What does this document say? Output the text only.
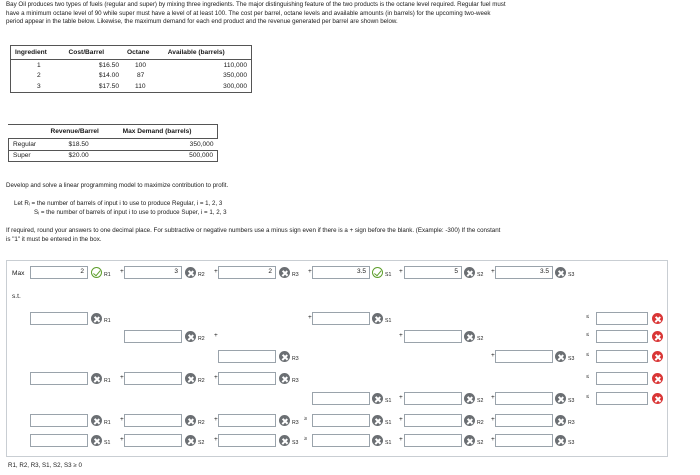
Bay Oil produces two types of fuels (regular and super) by mixing three ingredients. The major distinguishing feature of the two products is the octane level required. Regular fuel must
have a minimum octane level of 90 while super must have a level of at least 100. The cost per barrel, octane levels and available amounts (in barrels) for the upcoming two-week
period appear in the table below. Likewise, the maximum demand for each end product and the revenue generated per barrel are shown below.
Ingredient	Cost/Barrel	Octane	Available (barrels)
1	$16.50	100	110,000
2	$14.00	87	350,000
3	$17.50	110	300,000
	Revenue/Barrel	Max Demand (barrels)
Regular	$18.50	350,000
Super	$20.00	500,000
Develop and solve a linear programming model to maximize contribution to profit.
Let Rᵢ = the number of barrels of input i to use to produce Regular, i = 1, 2, 3
Sᵢ = the number of barrels of input i to use to produce Super, i = 1, 2, 3
If required, round your answers to one decimal place. For subtractive or negative numbers use a minus sign even if there is a + sign before the blank. (Example: -300) If the constant
is "1" it must be entered in the box.
Max	2	R1 +	3	R2 +	2	R3 +	3.5	S1 +	5	S2 +	3.5	S3
s.t.
R1	+	S1
≤
R2 +	+	S2
≤
R3	+	S3
≤
R1 +	R2 +	R3
≤
S1 +	S2 +	S3
≤
R1 +	R2 +	R3
≥
S1 +	R2 +	R3
S1 +	S2 +	S3
≥
S1 +	S2 +	S3
R1, R2, R3, S1, S2, S3 ≥ 0
